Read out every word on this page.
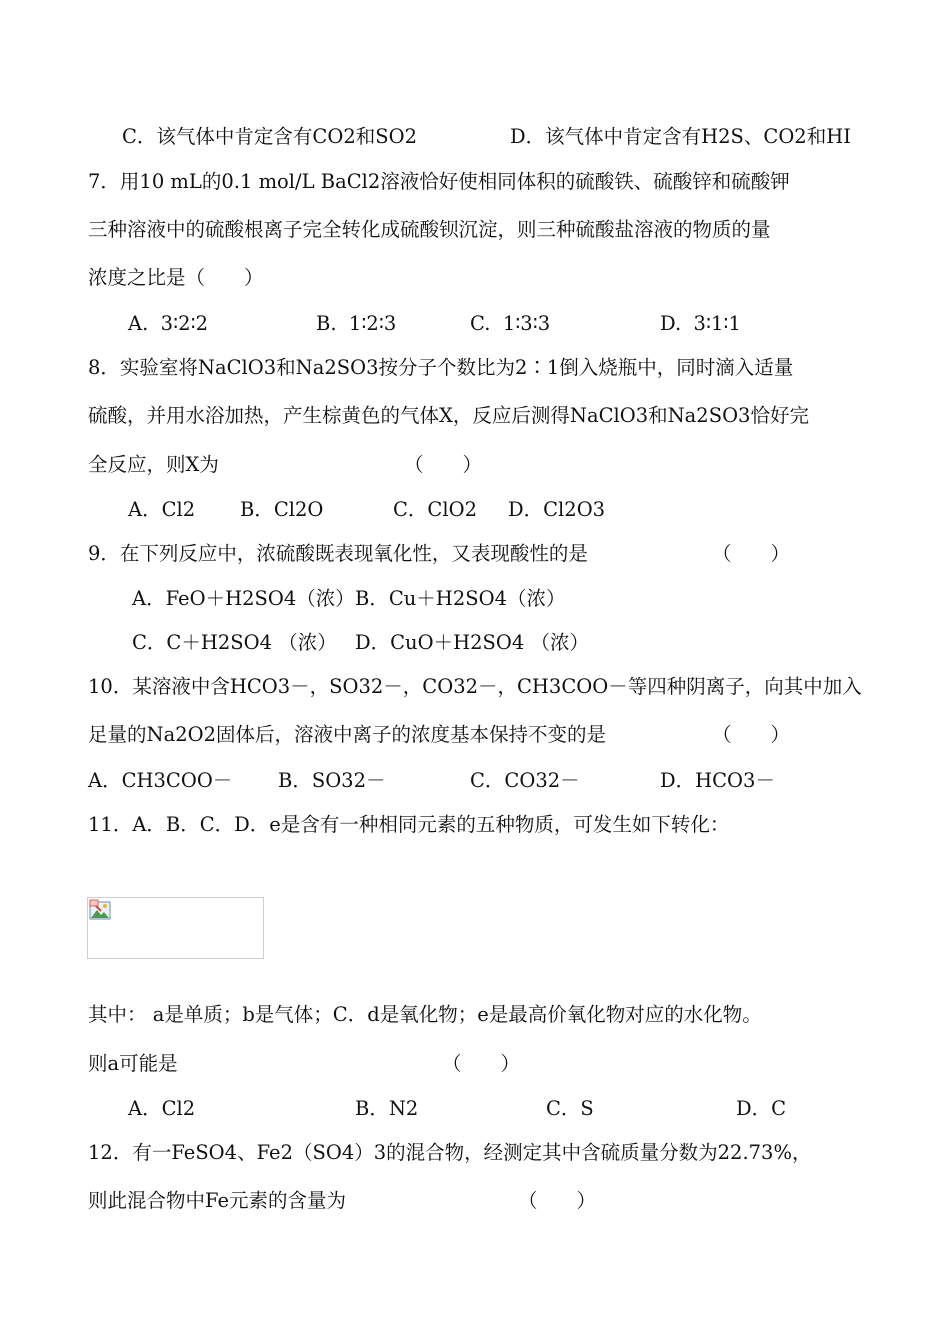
C．该气体中肯定含有CO2和SO2	D．该气体中肯定含有H2S、CO2和HI
7．用10 mL的0.1 mol/L BaCl2溶液恰好使相同体积的硫酸铁、硫酸锌和硫酸钾
三种溶液中的硫酸根离子完全转化成硫酸钡沉淀，则三种硫酸盐溶液的物质的量
浓度之比是（　　）
A.  3∶2∶2	B.  1∶2∶3	C.  1∶3∶3	D.  3∶1∶1
8．实验室将NaClO3和Na2SO3按分子个数比为2∶1倒入烧瓶中，同时滴入适量
硫酸，并用水浴加热，产生棕黄色的气体X，反应后测得NaClO3和Na2SO3恰好完
全反应，则X为	（　　）
A．Cl2 B．Cl2O	C．ClO2 D．Cl2O3
9．在下列反应中，浓硫酸既表现氧化性，又表现酸性的是	（　　）
A．FeO＋H2SO4（浓） B．Cu＋H2SO4（浓）
C．C＋H2SO4 （浓） D．CuO＋H2SO4 （浓）
10．某溶液中含HCO3－，SO32－，CO32－，CH3COO－等四种阴离子，向其中加入
足量的Na2O2固体后，溶液中离子的浓度基本保持不变的是	（　　）
A．CH3COO－ B．SO32－	C．CO32－	D．HCO3－
11．A．B．C．D．e是含有一种相同元素的五种物质，可发生如下转化：
其中： a是单质；b是气体；C．d是氧化物；e是最高价氧化物对应的水化物。
则a可能是	（　　）
A．Cl2	B．N2	C．S	D．C
12．有一FeSO4、Fe2（SO4）3的混合物，经测定其中含硫质量分数为22.73%，
则此混合物中Fe元素的含量为	（　　）
